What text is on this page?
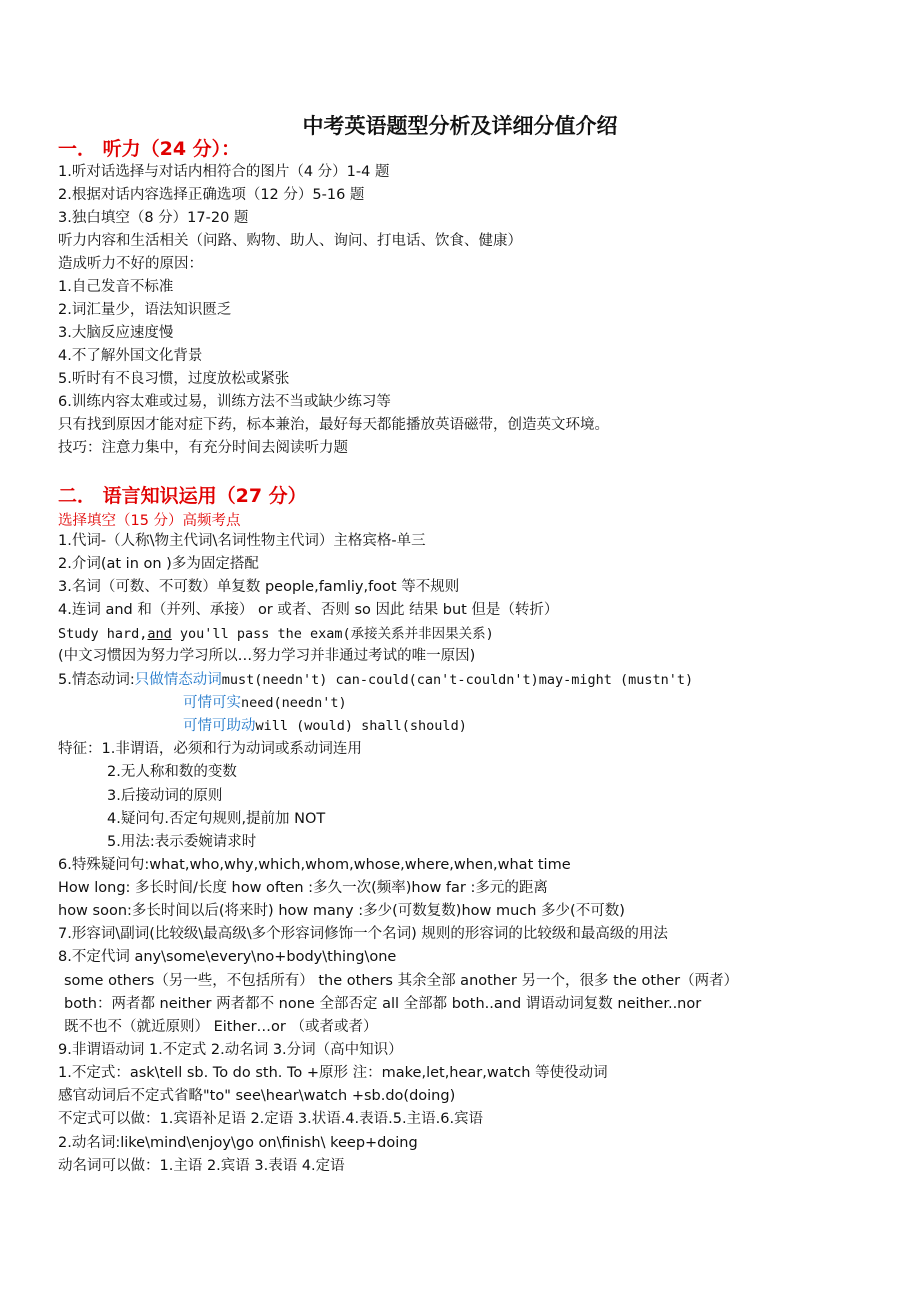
中考英语题型分析及详细分值介绍
一． 听力（24 分）：
1.听对话选择与对话内相符合的图片（4 分）1-4 题
2.根据对话内容选择正确选项（12 分）5-16 题
3.独白填空（8 分）17-20 题
听力内容和生活相关（问路、购物、助人、询问、打电话、饮食、健康）
造成听力不好的原因：
1.自己发音不标准
2.词汇量少，语法知识匮乏
3.大脑反应速度慢
4.不了解外国文化背景
5.听时有不良习惯，过度放松或紧张
6.训练内容太难或过易，训练方法不当或缺少练习等
只有找到原因才能对症下药，标本兼治，最好每天都能播放英语磁带，创造英文环境。
技巧：注意力集中，有充分时间去阅读听力题
二． 语言知识运用（27 分）
选择填空（15 分）高频考点
1.代词-（人称\物主代词\名词性物主代词）主格宾格-单三
2.介词(at in on )多为固定搭配
3.名词（可数、不可数）单复数 people,famliy,foot 等不规则
4.连词 and 和（并列、承接） or 或者、否则 so 因此 结果 but 但是（转折）
Study hard,and you'll pass the exam(承接关系并非因果关系)
(中文习惯因为努力学习所以…努力学习并非通过考试的唯一原因)
5.情态动词:只做情态动词must(needn't) can-could(can't-couldn't)may-might (mustn't)
可情可实need(needn't)
可情可助动will (would) shall(should)
特征：1.非谓语，必须和行为动词或系动词连用
2.无人称和数的变数
3.后接动词的原则
4.疑问句.否定句规则,提前加 NOT
5.用法:表示委婉请求时
6.特殊疑问句:what,who,why,which,whom,whose,where,when,what time
How long: 多长时间/长度 how often :多久一次(频率)how far :多元的距离
how soon:多长时间以后(将来时) how many :多少(可数复数)how much 多少(不可数)
7.形容词\副词(比较级\最高级\多个形容词修饰一个名词) 规则的形容词的比较级和最高级的用法
8.不定代词 any\some\every\no+body\thing\one
some others（另一些，不包括所有） the others 其余全部 another 另一个，很多 the other（两者）
both：两者都 neither 两者都不 none 全部否定 all 全部都 both..and 谓语动词复数 neither..nor
既不也不（就近原则） Either…or （或者或者）
9.非谓语动词 1.不定式 2.动名词 3.分词（高中知识）
1.不定式：ask\tell sb. To do sth. To +原形 注：make,let,hear,watch 等使役动词
感官动词后不定式省略"to" see\hear\watch +sb.do(doing)
不定式可以做：1.宾语补足语 2.定语 3.状语.4.表语.5.主语.6.宾语
2.动名词:like\mind\enjoy\go on\finish\ keep+doing
动名词可以做：1.主语 2.宾语 3.表语 4.定语
